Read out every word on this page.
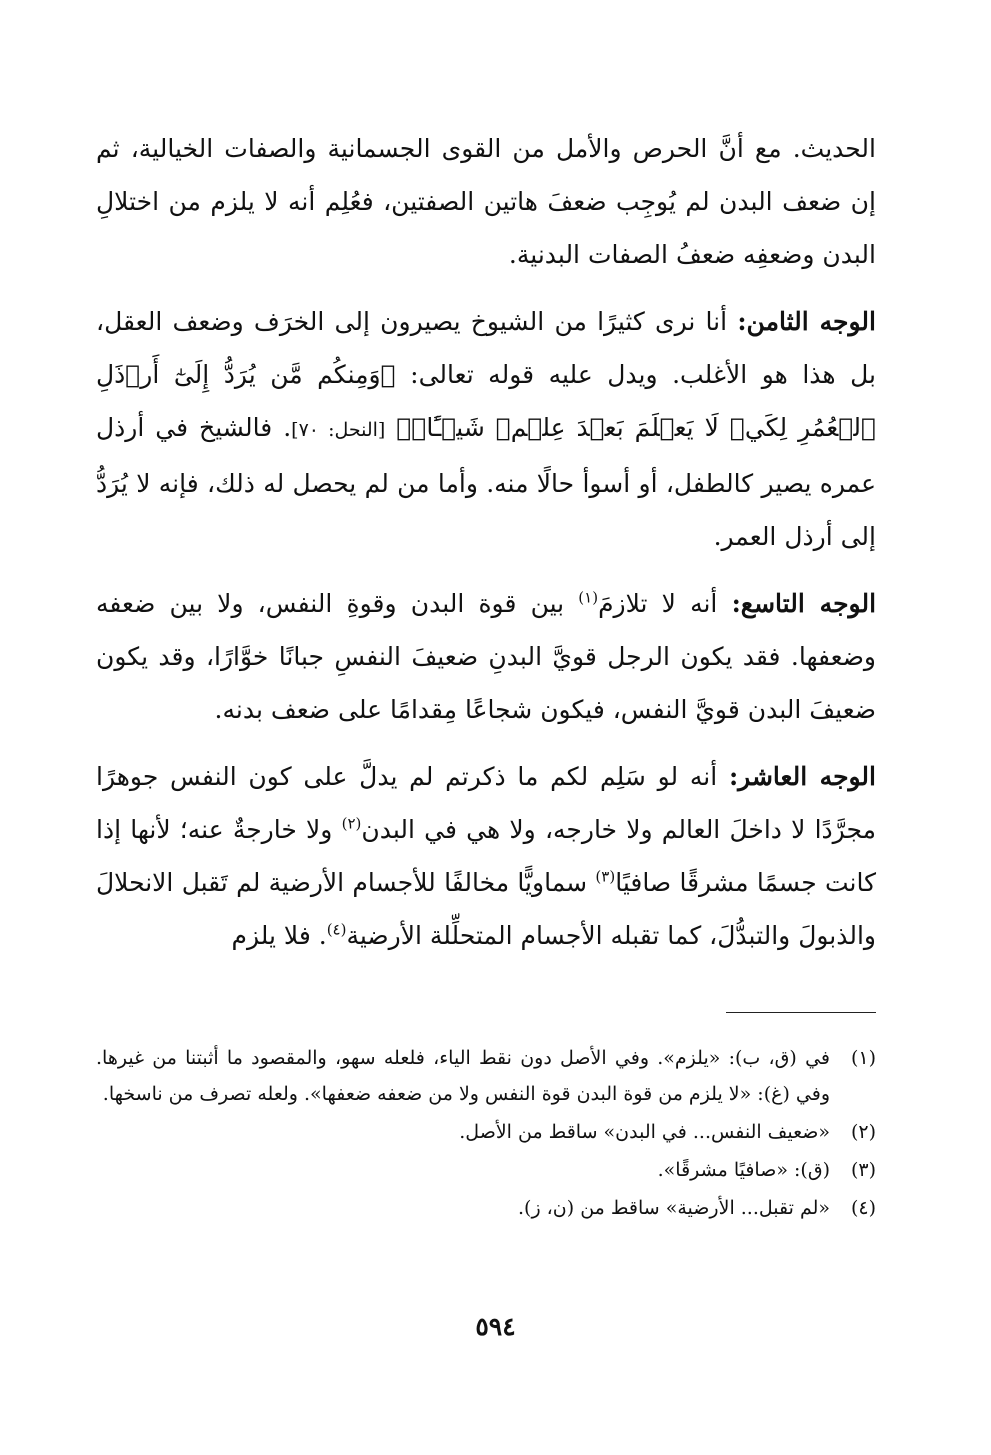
الحديث. مع أنَّ الحرص والأمل من القوى الجسمانية والصفات الخيالية، ثم إن ضعف البدن لم يُوجِب ضعفَ هاتين الصفتين، فعُلِم أنه لا يلزم من اختلالِ البدن وضعفِه ضعفُ الصفات البدنية.

الوجه الثامن: أنا نرى كثيرًا من الشيوخ يصيرون إلى الخرَف وضعف العقل، بل هذا هو الأغلب. ويدل عليه قوله تعالى: ﴿وَمِنكُم مَّن يُرَدُّ إِلَىٰٓ أَرۡذَلِ ٱلۡعُمُرِ لِكَيۡ لَا يَعۡلَمَ بَعۡدَ عِلۡمٖ شَيۡـًٔاۚ﴾ [النحل: ٧٠]. فالشيخ في أرذل عمره يصير كالطفل، أو أسوأ حالًا منه. وأما من لم يحصل له ذلك، فإنه لا يُرَدُّ إلى أرذل العمر.

الوجه التاسع: أنه لا تلازمَ$^{(١)}$ بين قوة البدن وقوةِ النفس، ولا بين ضعفه وضعفها. فقد يكون الرجل قويَّ البدنِ ضعيفَ النفسِ جبانًا خوَّارًا، وقد يكون ضعيفَ البدن قويَّ النفس، فيكون شجاعًا مِقدامًا على ضعف بدنه.

الوجه العاشر: أنه لو سَلِم لكم ما ذكرتم لم يدلَّ على كون النفس جوهرًا مجرَّدًا لا داخلَ العالم ولا خارجه، ولا هي في البدن$^{(٢)}$ ولا خارجةٌ عنه؛ لأنها إذا كانت جسمًا مشرقًا صافيًا$^{(٣)}$ سماويًّا مخالفًا للأجسام الأرضية لم تَقبل الانحلالَ والذبولَ والتبدُّلَ، كما تقبله الأجسام المتحلِّلة الأرضية$^{(٤)}$. فلا يلزم

(١)
في (ق، ب): «يلزم». وفي الأصل دون نقط الياء، فلعله سهو، والمقصود ما أثبتنا من غيرها. وفي (غ): «لا يلزم من قوة البدن قوة النفس ولا من ضعفه ضعفها». ولعله تصرف من ناسخها.
(٢)
«ضعيف النفس... في البدن» ساقط من الأصل.
(٣)
(ق): «صافيًا مشرقًا».
(٤)
«لم تقبل... الأرضية» ساقط من (ن، ز).
٥٩٤
